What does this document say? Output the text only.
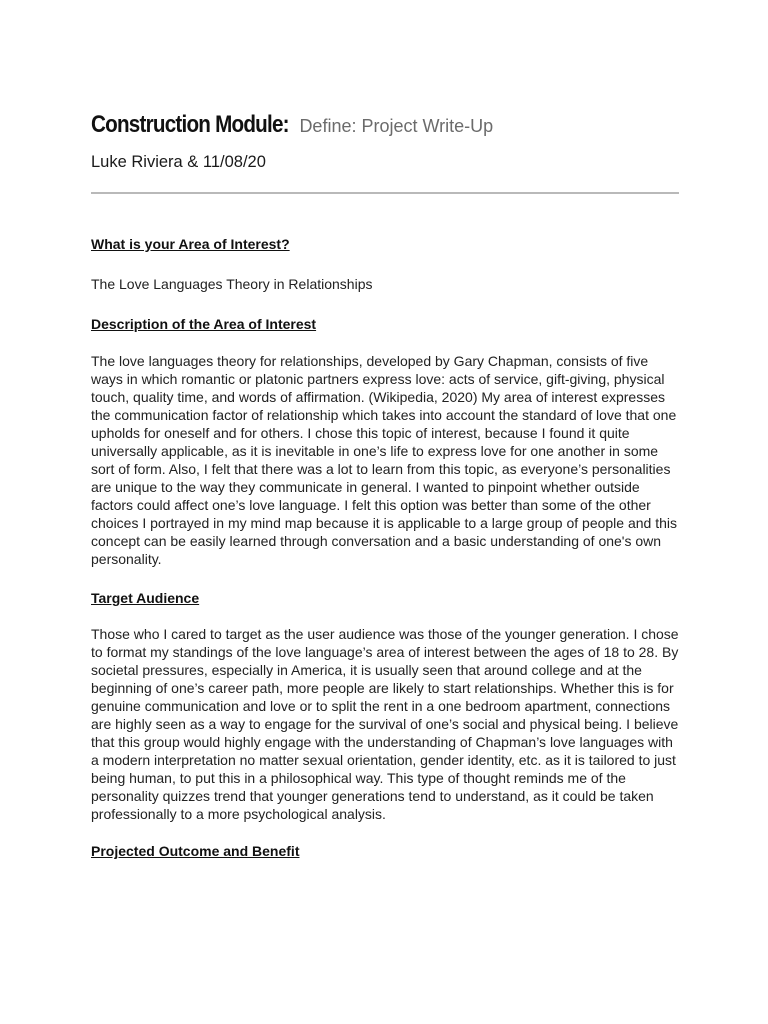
Construction Module: Define: Project Write-Up
Luke Riviera & 11/08/20

What is your Area of Interest?

The Love Languages Theory in Relationships

Description of the Area of Interest

The love languages theory for relationships, developed by Gary Chapman, consists of five ways in which romantic or platonic partners express love: acts of service, gift-giving, physical touch, quality time, and words of affirmation. (Wikipedia, 2020) My area of interest expresses the communication factor of relationship which takes into account the standard of love that one upholds for oneself and for others. I chose this topic of interest, because I found it quite universally applicable, as it is inevitable in one’s life to express love for one another in some sort of form. Also, I felt that there was a lot to learn from this topic, as everyone’s personalities are unique to the way they communicate in general. I wanted to pinpoint whether outside factors could affect one’s love language. I felt this option was better than some of the other choices I portrayed in my mind map because it is applicable to a large group of people and this concept can be easily learned through conversation and a basic understanding of one's own personality.

Target Audience

Those who I cared to target as the user audience was those of the younger generation. I chose to format my standings of the love language’s area of interest between the ages of 18 to 28. By societal pressures, especially in America, it is usually seen that around college and at the beginning of one’s career path, more people are likely to start relationships. Whether this is for genuine communication and love or to split the rent in a one bedroom apartment, connections are highly seen as a way to engage for the survival of one’s social and physical being. I believe that this group would highly engage with the understanding of Chapman’s love languages with a modern interpretation no matter sexual orientation, gender identity, etc. as it is tailored to just being human, to put this in a philosophical way. This type of thought reminds me of the personality quizzes trend that younger generations tend to understand, as it could be taken professionally to a more psychological analysis.

Projected Outcome and Benefit
